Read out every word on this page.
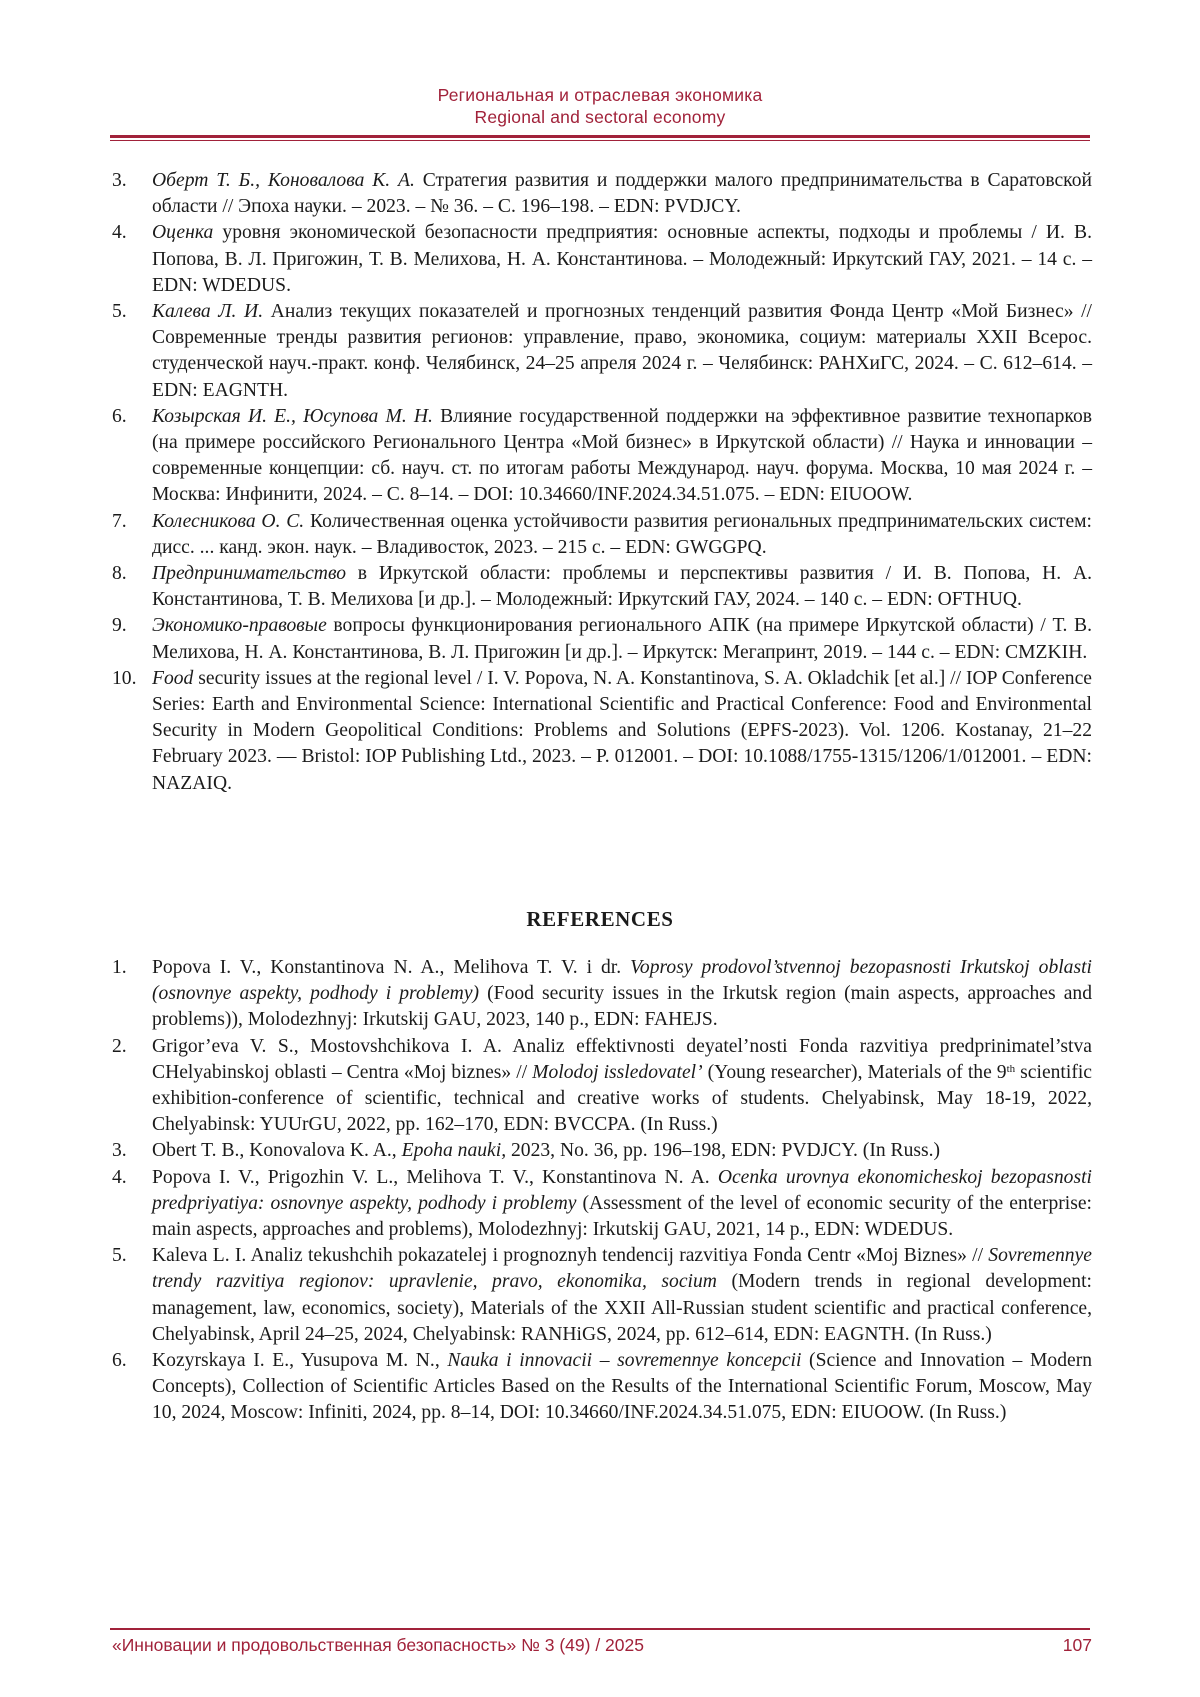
Региональная и отраслевая экономика
Regional and sectoral economy
3. Оберт Т. Б., Коновалова К. А. Стратегия развития и поддержки малого предпринимательства в Саратовской области // Эпоха науки. – 2023. – № 36. – С. 196–198. – EDN: PVDJCY.
4. Оценка уровня экономической безопасности предприятия: основные аспекты, подходы и проблемы / И. В. Попова, В. Л. Пригожин, Т. В. Мелихова, Н. А. Константинова. – Молодежный: Иркутский ГАУ, 2021. – 14 с. – EDN: WDEDUS.
5. Калева Л. И. Анализ текущих показателей и прогнозных тенденций развития Фонда Центр «Мой Бизнес» // Современные тренды развития регионов: управление, право, экономика, социум: материалы XXII Всерос. студенческой науч.-практ. конф. Челябинск, 24–25 апреля 2024 г. – Челябинск: РАНХиГС, 2024. – С. 612–614. – EDN: EAGNTH.
6. Козырская И. Е., Юсупова М. Н. Влияние государственной поддержки на эффективное развитие технопарков (на примере российского Регионального Центра «Мой бизнес» в Иркутской области) // Наука и инновации – современные концепции: сб. науч. ст. по итогам работы Международ. науч. форума. Москва, 10 мая 2024 г. – Москва: Инфинити, 2024. – С. 8–14. – DOI: 10.34660/INF.2024.34.51.075. – EDN: EIUOOW.
7. Колесникова О. С. Количественная оценка устойчивости развития региональных предпринимательских систем: дисс. ... канд. экон. наук. – Владивосток, 2023. – 215 с. – EDN: GWGGPQ.
8. Предпринимательство в Иркутской области: проблемы и перспективы развития / И. В. Попова, Н. А. Константинова, Т. В. Мелихова [и др.]. – Молодежный: Иркутский ГАУ, 2024. – 140 с. – EDN: OFTHUQ.
9. Экономико-правовые вопросы функционирования регионального АПК (на примере Иркутской области) / Т. В. Мелихова, Н. А. Константинова, В. Л. Пригожин [и др.]. – Иркутск: Мегапринт, 2019. – 144 с. – EDN: CMZKIH.
10. Food security issues at the regional level / I. V. Popova, N. A. Konstantinova, S. A. Okladchik [et al.] // IOP Conference Series: Earth and Environmental Science: International Scientific and Practical Conference: Food and Environmental Security in Modern Geopolitical Conditions: Problems and Solutions (EPFS-2023). Vol. 1206. Kostanay, 21–22 February 2023. — Bristol: IOP Publishing Ltd., 2023. – P. 012001. – DOI: 10.1088/1755-1315/1206/1/012001. – EDN: NAZAIQ.
REFERENCES
1. Popova I. V., Konstantinova N. A., Melihova T. V. i dr. Voprosy prodovol’stvennoj bezopasnosti Irkutskoj oblasti (osnovnye aspekty, podhody i problemy) (Food security issues in the Irkutsk region (main aspects, approaches and problems)), Molodezhnyj: Irkutskij GAU, 2023, 140 p., EDN: FAHEJS.
2. Grigor’eva V. S., Mostovshchikova I. A. Analiz effektivnosti deyatel’nosti Fonda razvitiya predprinimatel’stva CHelyabinskoj oblasti – Centra «Moj biznes» // Molodoj issledovatel’ (Young researcher), Materials of the 9th scientific exhibition-conference of scientific, technical and creative works of students. Chelyabinsk, May 18-19, 2022, Chelyabinsk: YUUrGU, 2022, pp. 162–170, EDN: BVCCPA. (In Russ.)
3. Obert T. B., Konovalova K. A., Epoha nauki, 2023, No. 36, pp. 196–198, EDN: PVDJCY. (In Russ.)
4. Popova I. V., Prigozhin V. L., Melihova T. V., Konstantinova N. A. Ocenka urovnya ekonomicheskoj bezopasnosti predpriyatiya: osnovnye aspekty, podhody i problemy (Assessment of the level of economic security of the enterprise: main aspects, approaches and problems), Molodezhnyj: Irkutskij GAU, 2021, 14 p., EDN: WDEDUS.
5. Kaleva L. I. Analiz tekushchih pokazatelej i prognoznyh tendencij razvitiya Fonda Centr «Moj Biznes» // Sovremennye trendy razvitiya regionov: upravlenie, pravo, ekonomika, socium (Modern trends in regional development: management, law, economics, society), Materials of the XXII All-Russian student scientific and practical conference, Chelyabinsk, April 24–25, 2024, Chelyabinsk: RANHiGS, 2024, pp. 612–614, EDN: EAGNTH. (In Russ.)
6. Kozyrskaya I. E., Yusupova M. N., Nauka i innovacii – sovremennye koncepcii (Science and Innovation – Modern Concepts), Collection of Scientific Articles Based on the Results of the International Scientific Forum, Moscow, May 10, 2024, Moscow: Infiniti, 2024, pp. 8–14, DOI: 10.34660/INF.2024.34.51.075, EDN: EIUOOW. (In Russ.)
«Инновации и продовольственная безопасность» № 3 (49) / 2025	107
